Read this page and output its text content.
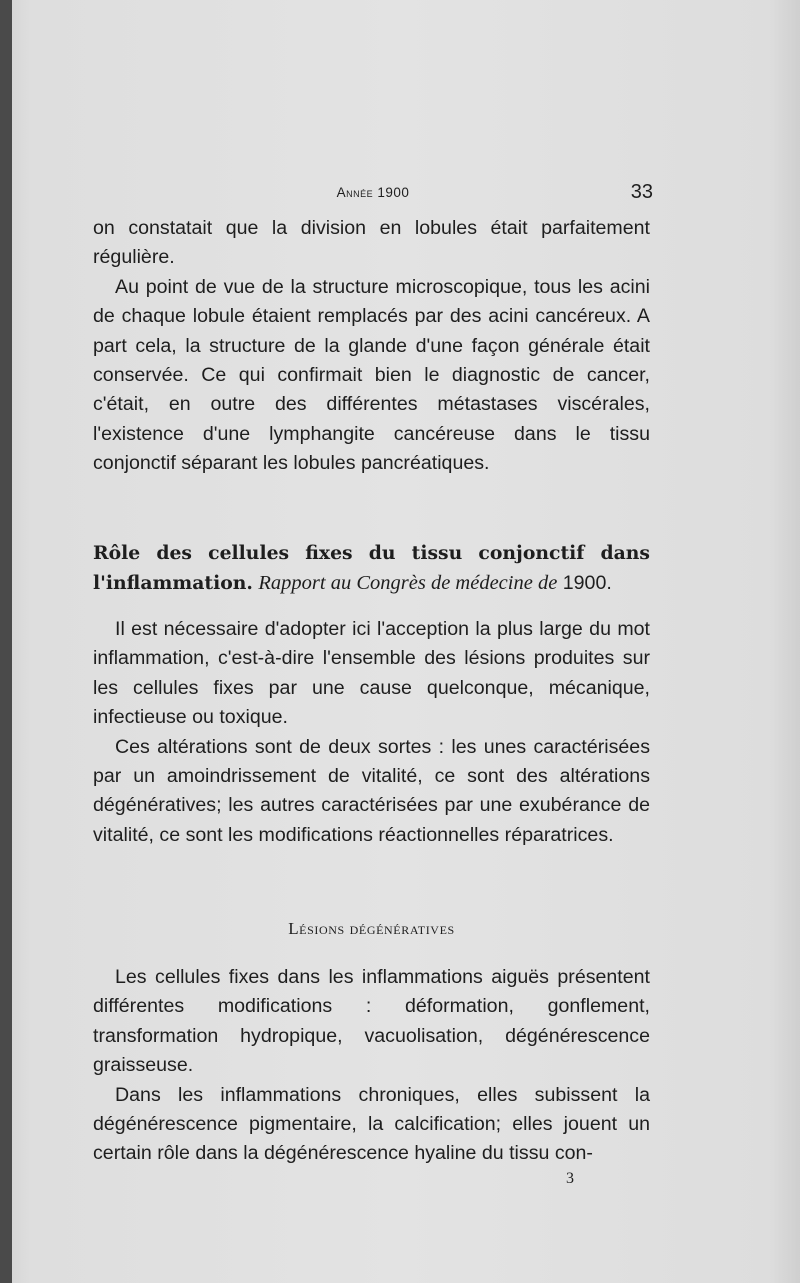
Année 1900	33

on constatait que la division en lobules était parfaitement régulière.

Au point de vue de la structure microscopique, tous les acini de chaque lobule étaient remplacés par des acini cancéreux. A part cela, la structure de la glande d'une façon générale était conservée. Ce qui confirmait bien le diagnostic de cancer, c'était, en outre des différentes métastases viscérales, l'existence d'une lymphangite cancéreuse dans le tissu conjonctif séparant les lobules pancréatiques.

Rôle des cellules fixes du tissu conjonctif dans l'inflammation. Rapport au Congrès de médecine de 1900.

Il est nécessaire d'adopter ici l'acception la plus large du mot inflammation, c'est-à-dire l'ensemble des lésions produites sur les cellules fixes par une cause quelconque, mécanique, infectieuse ou toxique.

Ces altérations sont de deux sortes : les unes caractérisées par un amoindrissement de vitalité, ce sont des altérations dégénératives; les autres caractérisées par une exubérance de vitalité, ce sont les modifications réactionnelles réparatrices.

Lésions dégénératives

Les cellules fixes dans les inflammations aiguës présentent différentes modifications : déformation, gonflement, transformation hydropique, vacuolisation, dégénérescence graisseuse.

Dans les inflammations chroniques, elles subissent la dégénérescence pigmentaire, la calcification; elles jouent un certain rôle dans la dégénérescence hyaline du tissu con-

3
